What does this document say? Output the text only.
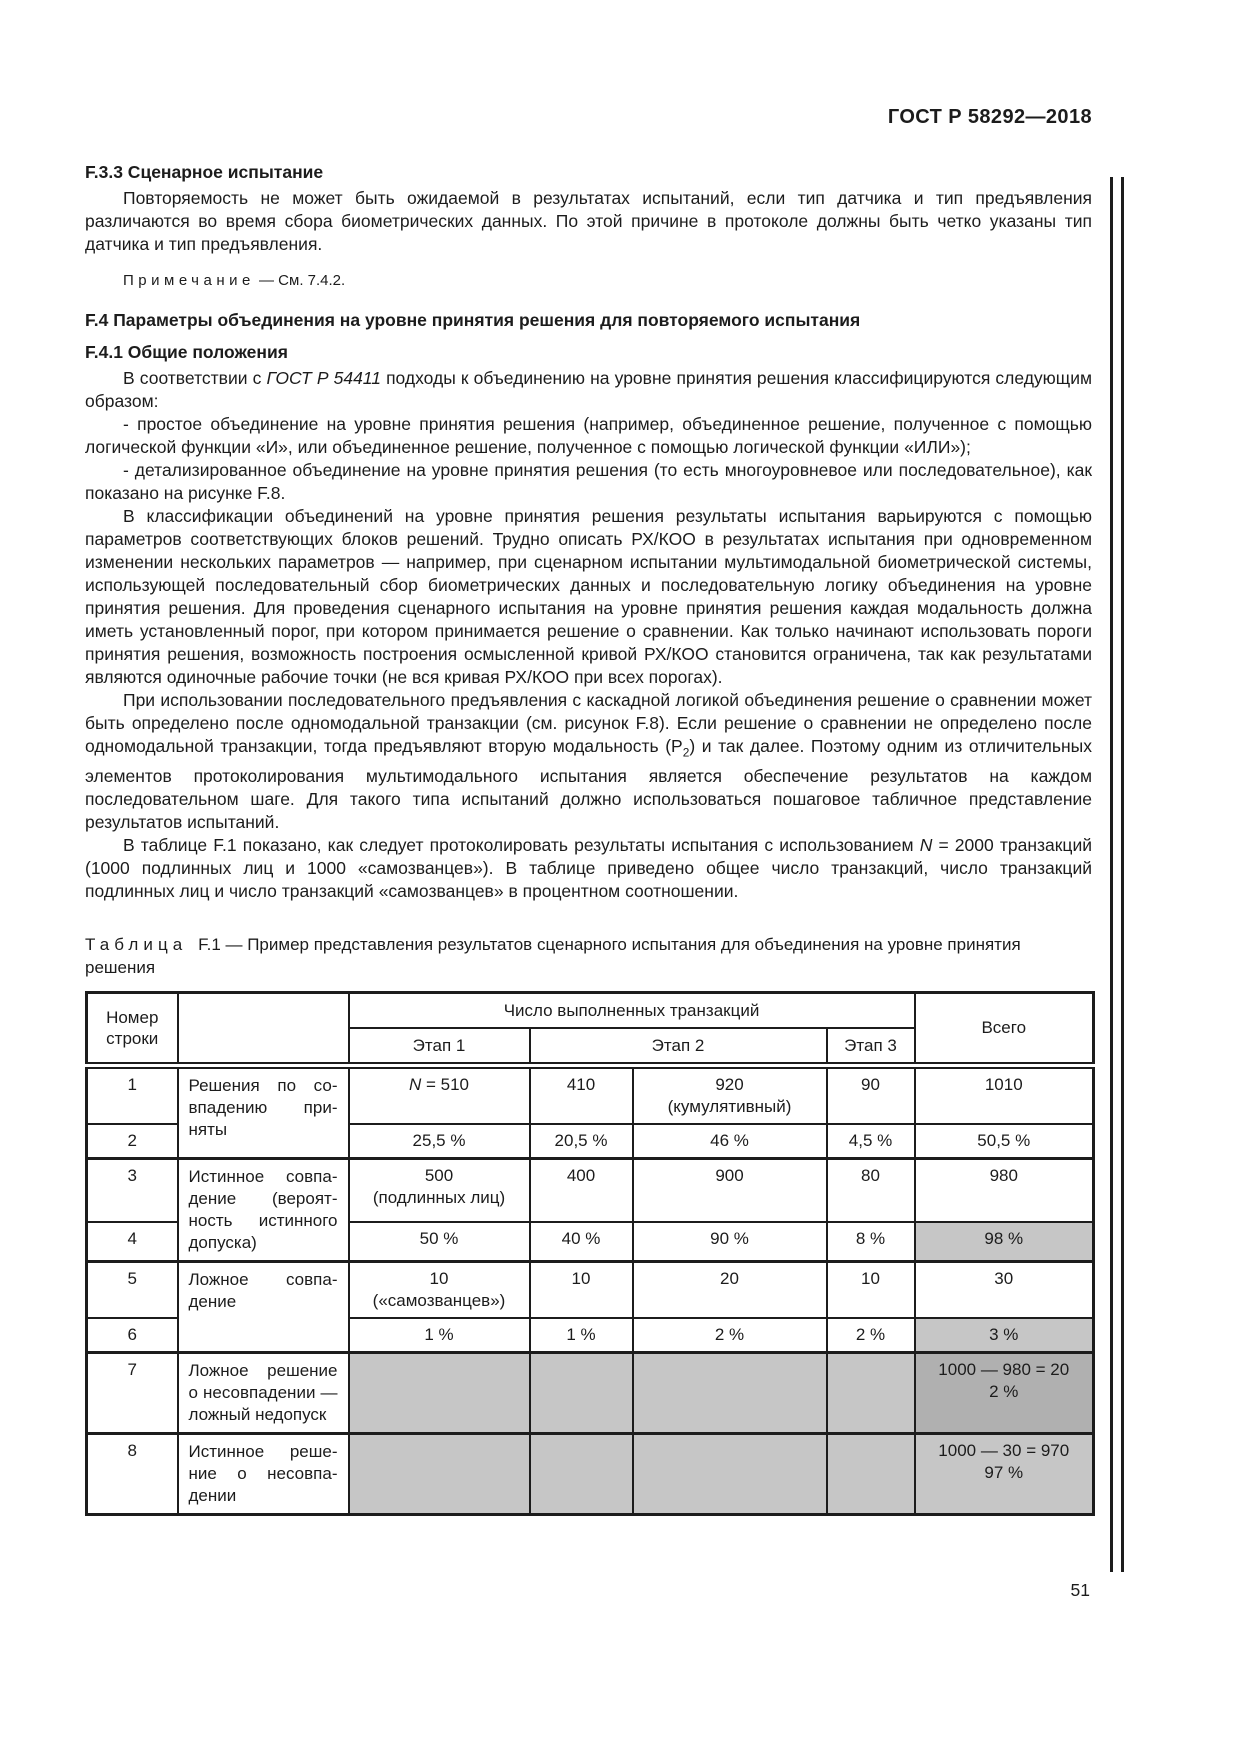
ГОСТ Р 58292—2018
F.3.3 Сценарное испытание

Повторяемость не может быть ожидаемой в результатах испытаний, если тип датчика и тип предъявления различаются во время сбора биометрических данных. По этой причине в протоколе должны быть четко указаны тип датчика и тип предъявления.

Примечание — См. 7.4.2.

F.4 Параметры объединения на уровне принятия решения для повторяемого испытания
F.4.1 Общие положения

В соответствии с ГОСТ Р 54411 подходы к объединению на уровне принятия решения классифицируются следующим образом:

- простое объединение на уровне принятия решения (например, объединенное решение, полученное с помощью логической функции «И», или объединенное решение, полученное с помощью логической функции «ИЛИ»);

- детализированное объединение на уровне принятия решения (то есть многоуровневое или последовательное), как показано на рисунке F.8.

В классификации объединений на уровне принятия решения результаты испытания варьируются с помощью параметров соответствующих блоков решений. Трудно описать РХ/КОО в результатах испытания при одновременном изменении нескольких параметров — например, при сценарном испытании мультимодальной биометрической системы, использующей последовательный сбор биометрических данных и последовательную логику объединения на уровне принятия решения. Для проведения сценарного испытания на уровне принятия решения каждая модальность должна иметь установленный порог, при котором принимается решение о сравнении. Как только начинают использовать пороги принятия решения, возможность построения осмысленной кривой РХ/КОО становится ограничена, так как результатами являются одиночные рабочие точки (не вся кривая РХ/КОО при всех порогах).

При использовании последовательного предъявления с каскадной логикой объединения решение о сравнении может быть определено после одномодальной транзакции (см. рисунок F.8). Если решение о сравнении не определено после одномодальной транзакции, тогда предъявляют вторую модальность $(P_2)$ и так далее. Поэтому одним из отличительных элементов протоколирования мультимодального испытания является обеспечение результатов на каждом последовательном шаге. Для такого типа испытаний должно использоваться пошаговое табличное представление результатов испытаний.

В таблице F.1 показано, как следует протоколировать результаты испытания с использованием N = 2000 транзакций (1000 подлинных лиц и 1000 «самозванцев»). В таблице приведено общее число транзакций, число транзакций подлинных лиц и число транзакций «самозванцев» в процентном соотношении.

Таблица F.1 — Пример представления результатов сценарного испытания для объединения на уровне принятия решения

Номер строки		Число выполненных транзакций				Всего
		Этап 1	Этап 2		Этап 3	
1	Решения по совпадению приняты	N = 510	410	920
(кумулятивный)	90	1010
2		25,5 %	20,5 %	46 %	4,5 %	50,5 %
3	Истинное совпадение (вероятность истинного допуска)	500
(подлинных лиц)	400	900	80	980
4		50 %	40 %	90 %	8 %	98 %
5	Ложное совпадение	10
(«самозванцев»)	10	20	10	30
6		1 %	1 %	2 %	2 %	3 %
7	Ложное решение о несовпадении — ложный недопуск					1000 — 980 = 20
2 %
8	Истинное решение о несовпадении					1000 — 30 = 970
97 %
51
